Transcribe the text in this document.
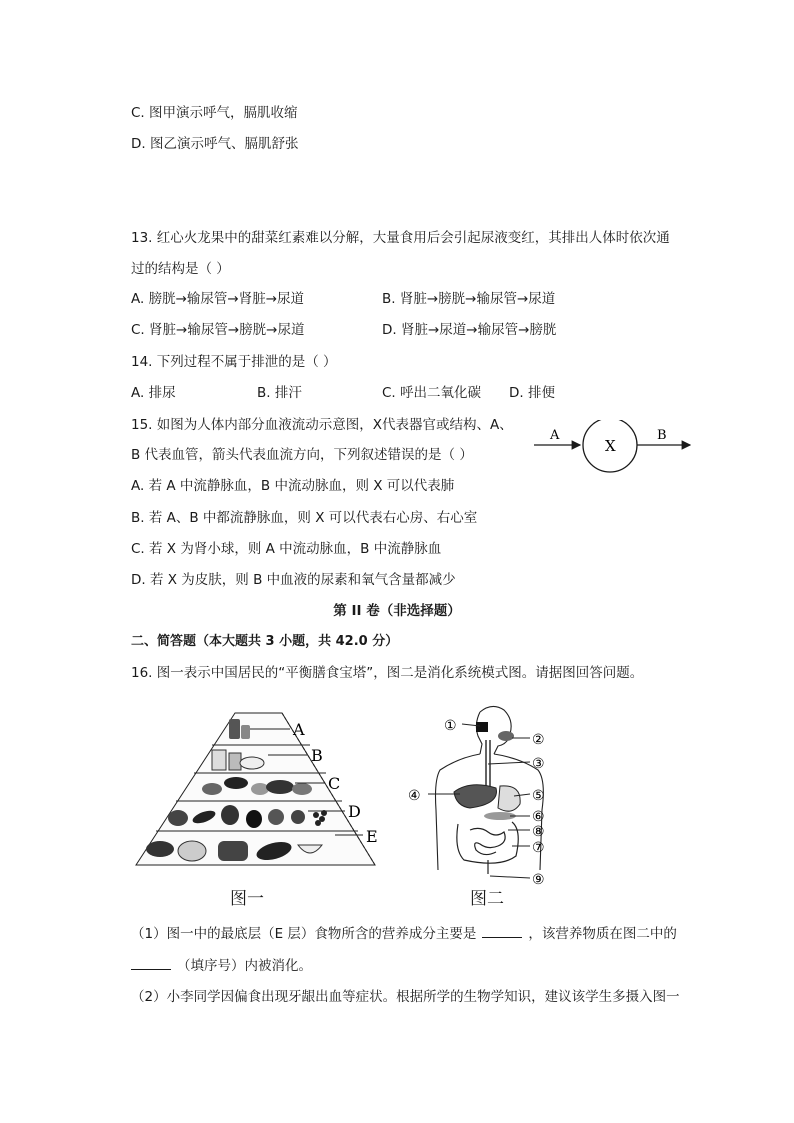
C. 图甲演示呼气，膈肌收缩
D. 图乙演示呼气、膈肌舒张
13. 红心火龙果中的甜菜红素难以分解，大量食用后会引起尿液变红，其排出人体时依次通
过的结构是（ ）
A. 膀胱→输尿管→肾脏→尿道	B. 肾脏→膀胱→输尿管→尿道
C. 肾脏→输尿管→膀胱→尿道	D. 肾脏→尿道→输尿管→膀胱
14. 下列过程不属于排泄的是（ ）
A. 排尿	B. 排汗	C. 呼出二氧化碳 D. 排便
15. 如图为人体内部分血液流动示意图，X代表器官或结构、A、
B 代表血管，箭头代表血流方向，下列叙述错误的是（ ）
A
X
B
A. 若 A 中流静脉血，B 中流动脉血，则 X 可以代表肺
B. 若 A、B 中都流静脉血，则 X 可以代表右心房、右心室
C. 若 X 为肾小球，则 A 中流动脉血，B 中流静脉血
D. 若 X 为皮肤，则 B 中血液的尿素和氧气含量都减少
第 II 卷（非选择题）
二、简答题（本大题共 3 小题，共 42.0 分）
16. 图一表示中国居民的“平衡膳食宝塔”，图二是消化系统模式图。请据图回答问题。
A
B
C
D
E
图一
①
②
③
④	⑤
⑥
⑧
⑦
⑨
图二
（1）图一中的最底层（E 层）食物所含的营养成分主要是	，该营养物质在图二中的
（填序号）内被消化。
（2）小李同学因偏食出现牙龈出血等症状。根据所学的生物学知识，建议该学生多摄入图一
